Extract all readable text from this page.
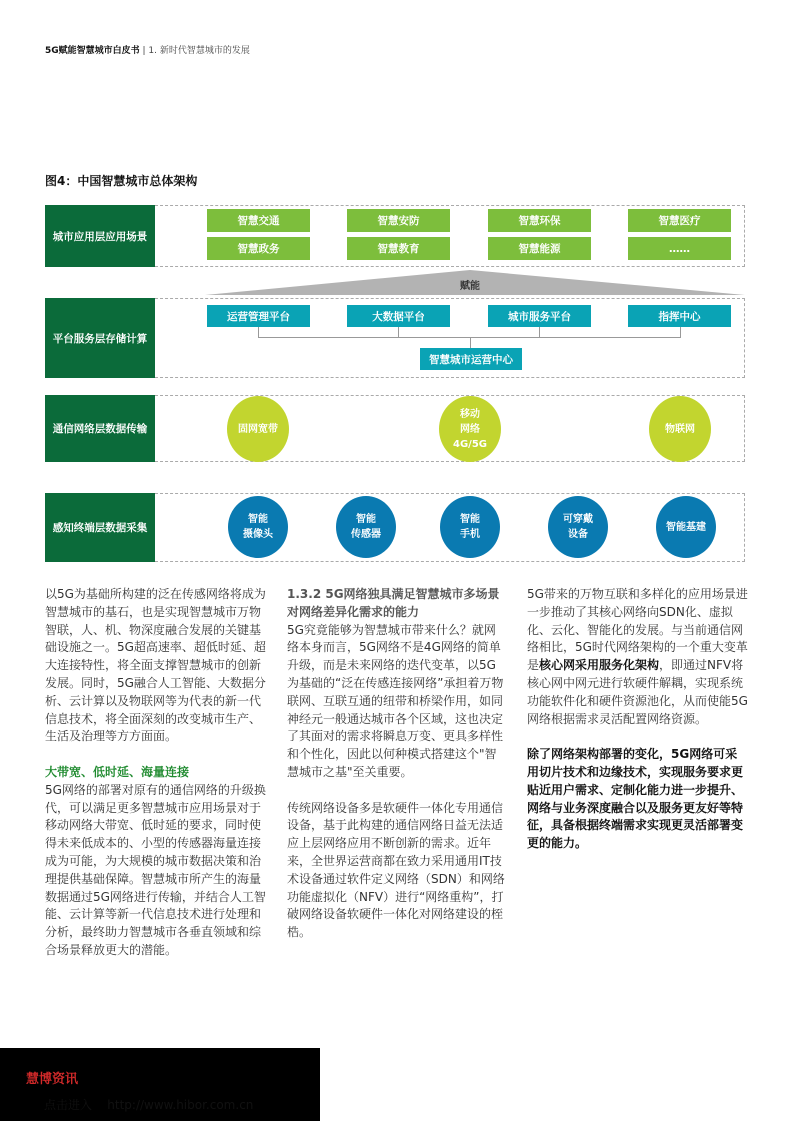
5G赋能智慧城市白皮书 | 1. 新时代智慧城市的发展
图4：中国智慧城市总体架构
城市应用层应用场景
智慧交通	智慧安防	智慧环保	智慧医疗
智慧政务	智慧教育	智慧能源	……
赋能
平台服务层存储计算
运营管理平台	大数据平台	城市服务平台	指挥中心
智慧城市运营中心
通信网络层数据传输	固网宽带
移动
网络
4G/5G
物联网
感知终端层数据采集
智能
摄像头
智能
传感器
智能
手机
可穿戴
设备
智能基建

以5G为基础所构建的泛在传感网络将成为智慧城市的基石，也是实现智慧城市万物智联，人、机、物深度融合发展的关键基础设施之一。5G超高速率、超低时延、超大连接特性，将全面支撑智慧城市的创新发展。同时，5G融合人工智能、大数据分析、云计算以及物联网等为代表的新一代信息技术，将全面深刻的改变城市生产、生活及治理等方方面面。

大带宽、低时延、海量连接

5G网络的部署对原有的通信网络的升级换代，可以满足更多智慧城市应用场景对于移动网络大带宽、低时延的要求，同时使得未来低成本的、小型的传感器海量连接成为可能，为大规模的城市数据决策和治理提供基础保障。智慧城市所产生的海量数据通过5G网络进行传输，并结合人工智能、云计算等新一代信息技术进行处理和分析，最终助力智慧城市各垂直领域和综合场景释放更大的潜能。

1.3.2 5G网络独具满足智慧城市多场景对网络差异化需求的能力

5G究竟能够为智慧城市带来什么？就网络本身而言，5G网络不是4G网络的简单升级，而是未来网络的迭代变革，以5G为基础的“泛在传感连接网络”承担着万物联网、互联互通的纽带和桥梁作用，如同神经元一般通达城市各个区域，这也决定了其面对的需求将瞬息万变、更具多样性和个性化，因此以何种模式搭建这个"智慧城市之基"至关重要。

传统网络设备多是软硬件一体化专用通信设备，基于此构建的通信网络日益无法适应上层网络应用不断创新的需求。近年来，全世界运营商都在致力采用通用IT技术设备通过软件定义网络（SDN）和网络功能虚拟化（NFV）进行“网络重构”，打破网络设备软硬件一体化对网络建设的桎梏。

5G带来的万物互联和多样化的应用场景进一步推动了其核心网络向SDN化、虚拟化、云化、智能化的发展。与当前通信网络相比，5G时代网络架构的一个重大变革是核心网采用服务化架构，即通过NFV将核心网中网元进行软硬件解耦，实现系统功能软件化和硬件资源池化，从而使能5G网络根据需求灵活配置网络资源。

除了网络架构部署的变化，5G网络可采用切片技术和边缘技术，实现服务要求更贴近用户需求、定制化能力进一步提升、网络与业务深度融合以及服务更友好等特征，具备根据终端需求实现更灵活部署变更的能力。

慧博资讯
点击进入 http://www.hibor.com.cn
